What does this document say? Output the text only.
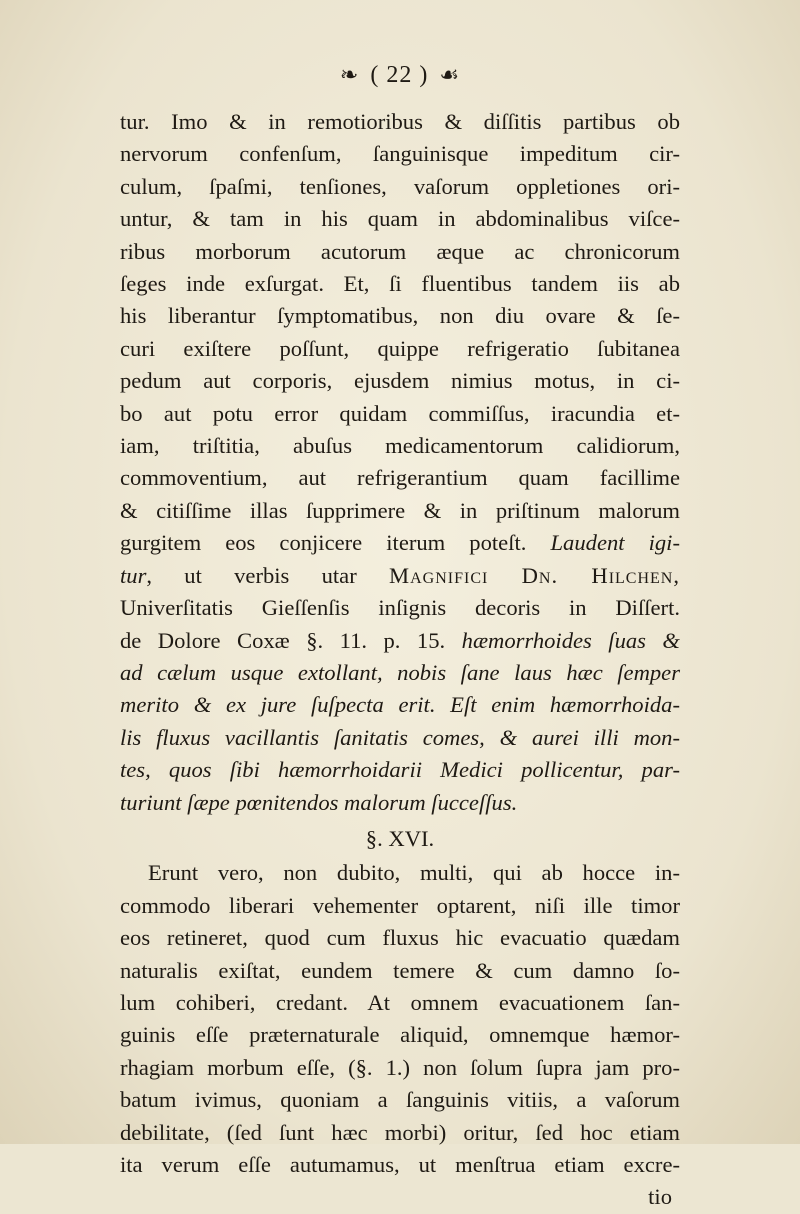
❧ ( 22 ) ☙

tur. Imo & in remotioribus & diſſitis partibus ob
nervorum confenſum, ſanguinisque impeditum cir-
culum, ſpaſmi, tenſiones, vaſorum oppletiones ori-
untur, & tam in his quam in abdominalibus viſce-
ribus morborum acutorum æque ac chronicorum
ſeges inde exſurgat. Et, ſi fluentibus tandem iis ab
his liberantur ſymptomatibus, non diu ovare & ſe-
curi exiſtere poſſunt, quippe refrigeratio ſubitanea
pedum aut corporis, ejusdem nimius motus, in ci-
bo aut potu error quidam commiſſus, iracundia et-
iam, triſtitia, abuſus medicamentorum calidiorum,
commoventium, aut refrigerantium quam facillime
& citiſſime illas ſupprimere & in priſtinum malorum
gurgitem eos conjicere iterum poteſt. Laudent igi-
tur, ut verbis utar Magnifici Dn. Hilchen,
Univerſitatis Gieſſenſis inſignis decoris in Diſſert.
de Dolore Coxæ §. 11. p. 15. hæmorrhoides ſuas &
ad cælum usque extollant, nobis ſane laus hæc ſemper
merito & ex jure ſuſpecta erit. Eſt enim hæmorrhoida-
lis fluxus vacillantis ſanitatis comes, & aurei illi mon-
tes, quos ſibi hæmorrhoidarii Medici pollicentur, par-
turiunt ſæpe pœnitendos malorum ſucceſſus.

§. XVI.

Erunt vero, non dubito, multi, qui ab hocce in-
commodo liberari vehementer optarent, niſi ille timor
eos retineret, quod cum fluxus hic evacuatio quædam
naturalis exiſtat, eundem temere & cum damno ſo-
lum cohiberi, credant. At omnem evacuationem ſan-
guinis eſſe præternaturale aliquid, omnemque hæmor-
rhagiam morbum eſſe, (§. 1.) non ſolum ſupra jam pro-
batum ivimus, quoniam a ſanguinis vitiis, a vaſorum
debilitate, (ſed ſunt hæc morbi) oritur, ſed hoc etiam
ita verum eſſe autumamus, ut menſtrua etiam excre-

tio
